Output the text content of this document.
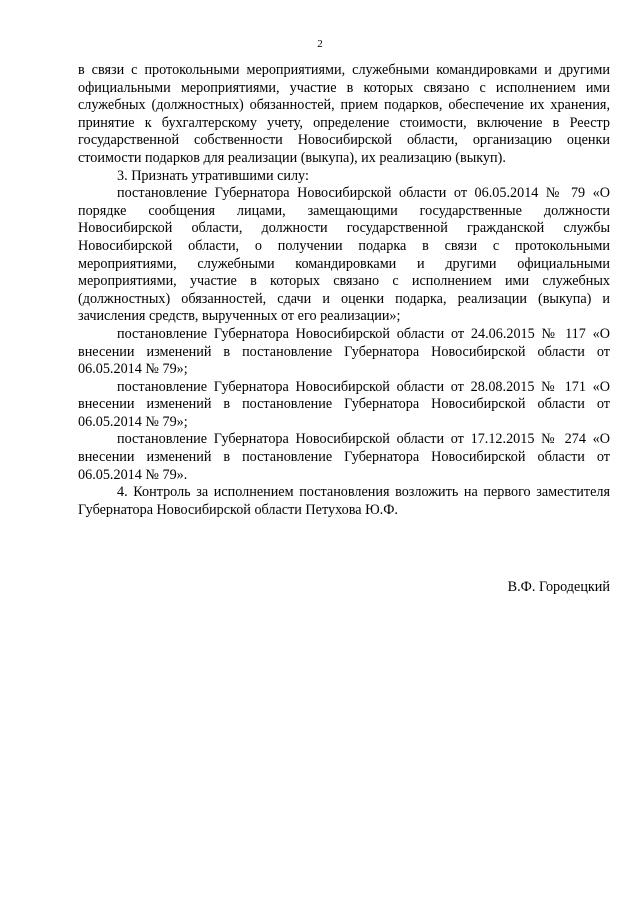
2

в связи с протокольными мероприятиями, служебными командировками и другими официальными мероприятиями, участие в которых связано с исполнением ими служебных (должностных) обязанностей, прием подарков, обеспечение их хранения, принятие к бухгалтерскому учету, определение стоимости, включение в Реестр государственной собственности Новосибирской области, организацию оценки стоимости подарков для реализации (выкупа), их реализацию (выкуп).

3. Признать утратившими силу:

постановление Губернатора Новосибирской области от 06.05.2014 № 79 «О порядке сообщения лицами, замещающими государственные должности Новосибирской области, должности государственной гражданской службы Новосибирской области, о получении подарка в связи с протокольными мероприятиями, служебными командировками и другими официальными мероприятиями, участие в которых связано с исполнением ими служебных (должностных) обязанностей, сдачи и оценки подарка, реализации (выкупа) и зачисления средств, вырученных от его реализации»;

постановление Губернатора Новосибирской области от 24.06.2015 № 117 «О внесении изменений в постановление Губернатора Новосибирской области от 06.05.2014 № 79»;

постановление Губернатора Новосибирской области от 28.08.2015 № 171 «О внесении изменений в постановление Губернатора Новосибирской области от 06.05.2014 № 79»;

постановление Губернатора Новосибирской области от 17.12.2015 № 274 «О внесении изменений в постановление Губернатора Новосибирской области от 06.05.2014 № 79».

4. Контроль за исполнением постановления возложить на первого заместителя Губернатора Новосибирской области Петухова Ю.Ф.

В.Ф. Городецкий
